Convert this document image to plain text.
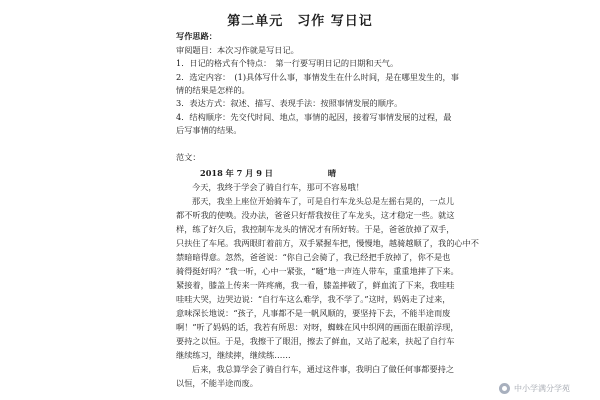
第二单元　习作 写日记
写作思路：
审阅题目：本次习作就是写日记。
1．日记的格式有个特点：　第一行要写明日记的日期和天气。
2．选定内容：　(1)具体写什么事，事情发生在什么时间，是在哪里发生的，事
情的结果是怎样的。
3．表达方式：叙述、描写、表现手法：按照事情发展的顺序。
4．结构顺序：先交代时间、地点，事情的起因，接着写事情发展的过程，最
后写事情的结果。
范文：
2018 年 7 月 9 日	晴
今天，我终于学会了骑自行车，那可不容易哦！
那天，我坐上座位开始骑车了，可是自行车龙头总是左摇右晃的，一点儿
都不听我的使唤。没办法，爸爸只好帮我按住了车龙头，这才稳定一些。就这
样，练了好久后，我控制车龙头的情况才有所好转。于是，爸爸放掉了双手，
只扶住了车尾。我两眼盯着前方，双手紧握车把，慢慢地，越骑越顺了，我的心中不
禁暗暗得意。忽然，爸爸说：“你自己会骑了，我已经把手放掉了，你不是也
骑得挺好吗？”我一听，心中一紧张，“嗵”地一声连人带车，重重地摔了下来。
紧接着，膝盖上传来一阵疼痛，我一看，膝盖摔破了，鲜血流了下来，我哇哇
哇哇大哭，边哭边说：“自行车这么难学，我不学了。”这时，妈妈走了过来，
意味深长地说：“孩子，凡事都不是一帆风顺的，要坚持下去，不能半途而废
啊！”听了妈妈的话，我若有所思：对呀，蜘蛛在风中织网的画面在眼前浮现，
要持之以恒。于是，我擦干了眼泪，擦去了鲜血，又站了起来，扶起了自行车
继续练习，继续摔，继续练……
后来，我总算学会了骑自行车，通过这件事，我明白了做任何事都要持之
以恒，不能半途而废。
中小学满分学苑
